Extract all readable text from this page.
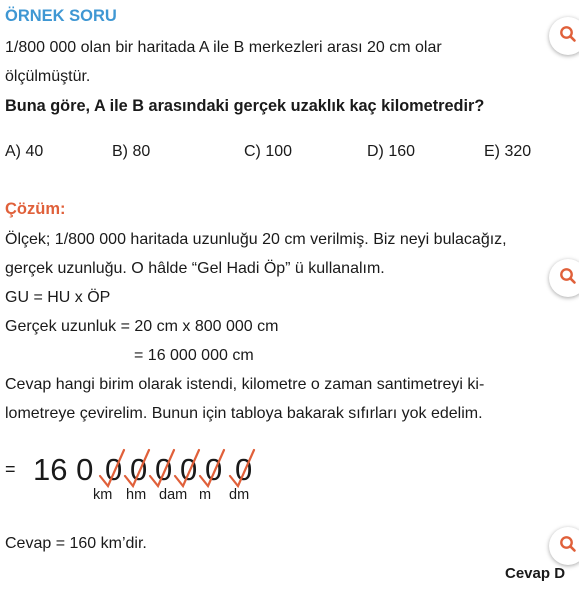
ÖRNEK SORU
1/800 000 olan bir haritada A ile B merkezleri arası 20 cm olar
ölçülmüştür.
Buna göre, A ile B arasındaki gerçek uzaklık kaç kilometredir?
A) 40	B) 80	C) 100	D) 160	E) 320
Çözüm:
Ölçek; 1/800 000 haritada uzunluğu 20 cm verilmiş. Biz neyi bulacağız,
gerçek uzunluğu. O hâlde “Gel Hadi Öp” ü kullanalım.
GU = HU x ÖP
Gerçek uzunluk = 20 cm x 800 000 cm
= 16 000 000 cm
Cevap hangi birim olarak istendi, kilometre o zaman santimetreyi ki-
lometreye çevirelim. Bunun için tabloya bakarak sıfırları yok edelim.
= 16 0 0 0 0 0 0 0
km hm dam m dm
Cevap = 160 km’dir.
Cevap D
